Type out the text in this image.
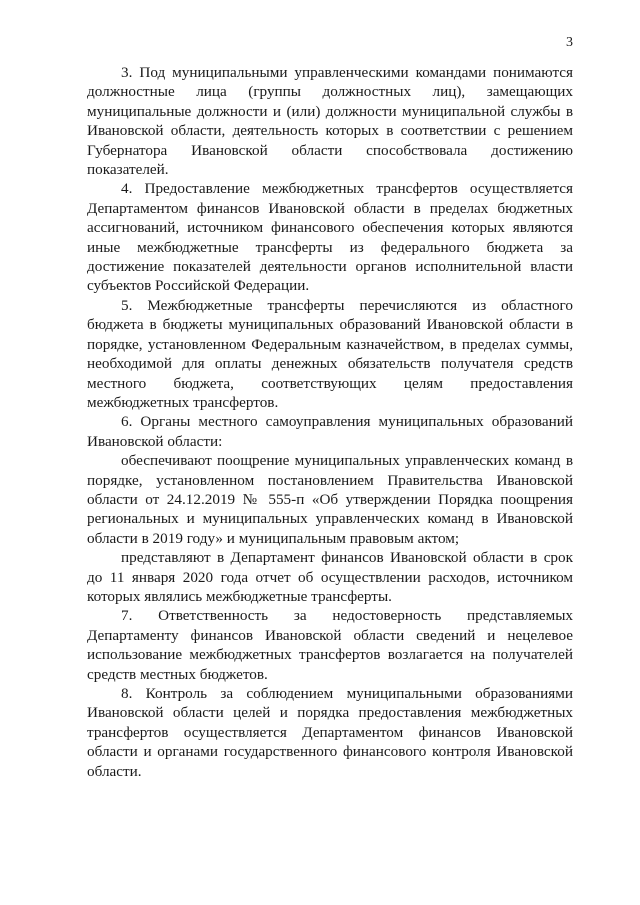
3

3. Под муниципальными управленческими командами понимаются должностные лица (группы должностных лиц), замещающих муниципальные должности и (или) должности муниципальной службы в Ивановской области, деятельность которых в соответствии с решением Губернатора Ивановской области способствовала достижению показателей.

4. Предоставление межбюджетных трансфертов осуществляется Департаментом финансов Ивановской области в пределах бюджетных ассигнований, источником финансового обеспечения которых являются иные межбюджетные трансферты из федерального бюджета за достижение показателей деятельности органов исполнительной власти субъектов Российской Федерации.

5. Межбюджетные трансферты перечисляются из областного бюджета в бюджеты муниципальных образований Ивановской области в порядке, установленном Федеральным казначейством, в пределах суммы, необходимой для оплаты денежных обязательств получателя средств местного бюджета, соответствующих целям предоставления межбюджетных трансфертов.

6. Органы местного самоуправления муниципальных образований Ивановской области:

обеспечивают поощрение муниципальных управленческих команд в порядке, установленном постановлением Правительства Ивановской области от 24.12.2019 № 555-п «Об утверждении Порядка поощрения региональных и муниципальных управленческих команд в Ивановской области в 2019 году» и муниципальным правовым актом;

представляют в Департамент финансов Ивановской области в срок до 11 января 2020 года отчет об осуществлении расходов, источником которых являлись межбюджетные трансферты.

7. Ответственность за недостоверность представляемых Департаменту финансов Ивановской области сведений и нецелевое использование межбюджетных трансфертов возлагается на получателей средств местных бюджетов.

8. Контроль за соблюдением муниципальными образованиями Ивановской области целей и порядка предоставления межбюджетных трансфертов осуществляется Департаментом финансов Ивановской области и органами государственного финансового контроля Ивановской области.
